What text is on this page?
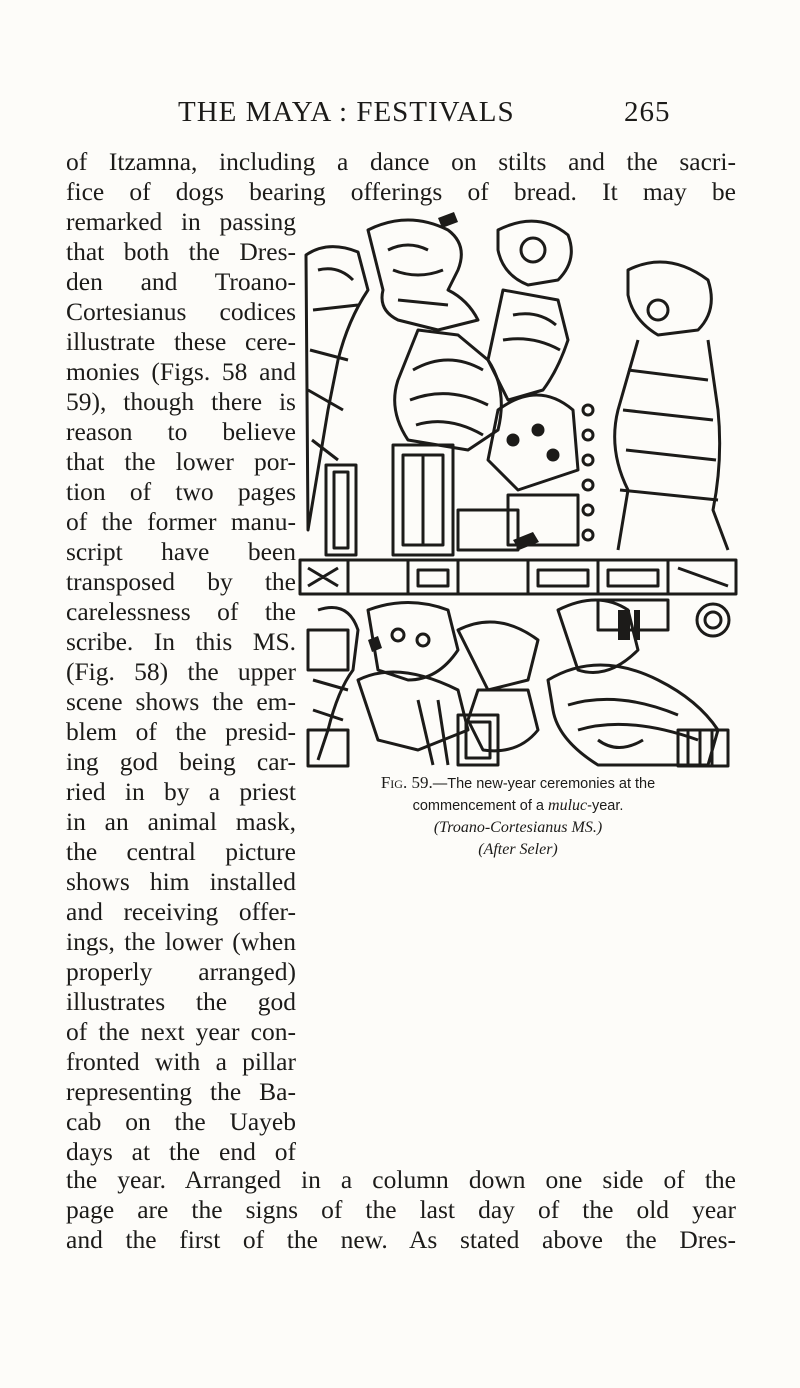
THE MAYA : FESTIVALS	265
of Itzamna, including a dance on stilts and the sacri-
fice of dogs bearing offerings of bread. It may be
remarked in passing
that both the Dres-
den and Troano-
Cortesianus codices
illustrate these cere-
monies (Figs. 58 and
59), though there is
reason to believe
that the lower por-
tion of two pages
of the former manu-
script have been
transposed by the
carelessness of the
scribe. In this MS.
(Fig. 58) the upper
scene shows the em-
blem of the presid-
ing god being car-
ried in by a priest
in an animal mask,
the central picture
shows him installed
and receiving offer-
ings, the lower (when
properly arranged)
illustrates the god
of the next year con-
fronted with a pillar
representing the Ba-
cab on the Uayeb
days at the end of
Fig. 59.—The new-year ceremonies at the
commencement of a muluc-year.
(Troano-Cortesianus MS.)
(After Seler)
the year. Arranged in a column down one side of the
page are the signs of the last day of the old year
and the first of the new. As stated above the Dres-
